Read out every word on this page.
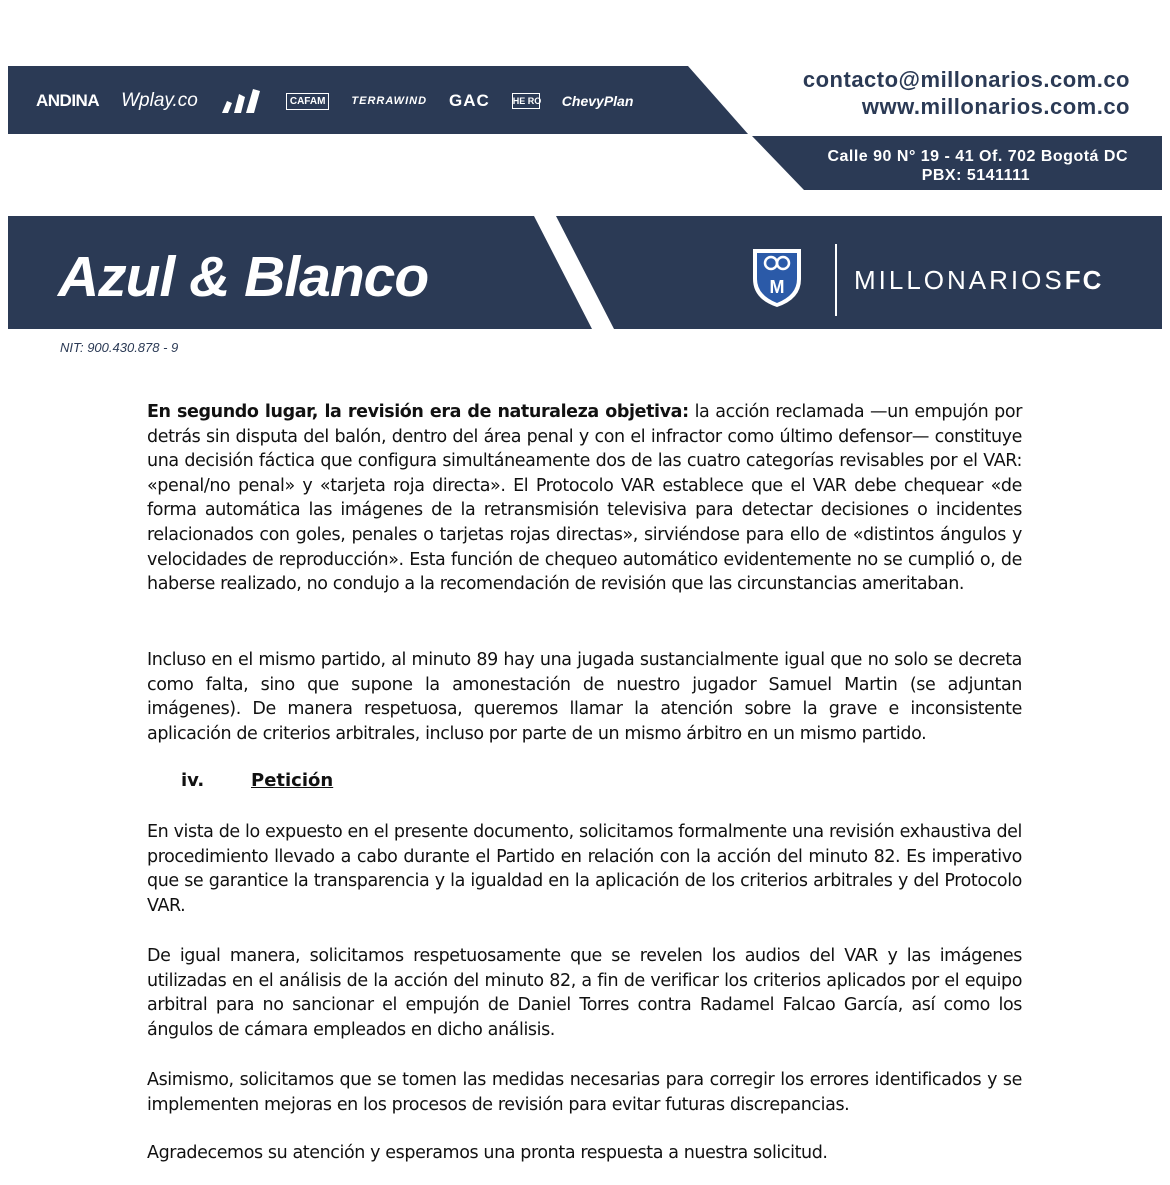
ANDINA Wplay.co	CAFAM	TERRAWIND GAC	HE RO ChevyPlan
contacto@millonarios.com.co
www.millonarios.com.co
Calle 90 N° 19 - 41 Of. 702 Bogotá DC
PBX: 5141111
Azul & Blanco	M	MILLONARIOSFC
NIT: 900.430.878 - 9
En segundo lugar, la revisión era de naturaleza objetiva: la acción reclamada —un empujón por detrás sin disputa del balón, dentro del área penal y con el infractor como último defensor— constituye una decisión fáctica que configura simultáneamente dos de las cuatro categorías revisables por el VAR: «penal/no penal» y «tarjeta roja directa». El Protocolo VAR establece que el VAR debe chequear «de forma automática las imágenes de la retransmisión televisiva para detectar decisiones o incidentes relacionados con goles, penales o tarjetas rojas directas», sirviéndose para ello de «distintos ángulos y velocidades de reproducción». Esta función de chequeo automático evidentemente no se cumplió o, de haberse realizado, no condujo a la recomendación de revisión que las circunstancias ameritaban.
Incluso en el mismo partido, al minuto 89 hay una jugada sustancialmente igual que no solo se decreta como falta, sino que supone la amonestación de nuestro jugador Samuel Martin (se adjuntan imágenes). De manera respetuosa, queremos llamar la atención sobre la grave e inconsistente aplicación de criterios arbitrales, incluso por parte de un mismo árbitro en un mismo partido.
iv.	Petición
En vista de lo expuesto en el presente documento, solicitamos formalmente una revisión exhaustiva del procedimiento llevado a cabo durante el Partido en relación con la acción del minuto 82. Es imperativo que se garantice la transparencia y la igualdad en la aplicación de los criterios arbitrales y del Protocolo VAR.
De igual manera, solicitamos respetuosamente que se revelen los audios del VAR y las imágenes utilizadas en el análisis de la acción del minuto 82, a fin de verificar los criterios aplicados por el equipo arbitral para no sancionar el empujón de Daniel Torres contra Radamel Falcao García, así como los ángulos de cámara empleados en dicho análisis.
Asimismo, solicitamos que se tomen las medidas necesarias para corregir los errores identificados y se implementen mejoras en los procesos de revisión para evitar futuras discrepancias.
Agradecemos su atención y esperamos una pronta respuesta a nuestra solicitud.
